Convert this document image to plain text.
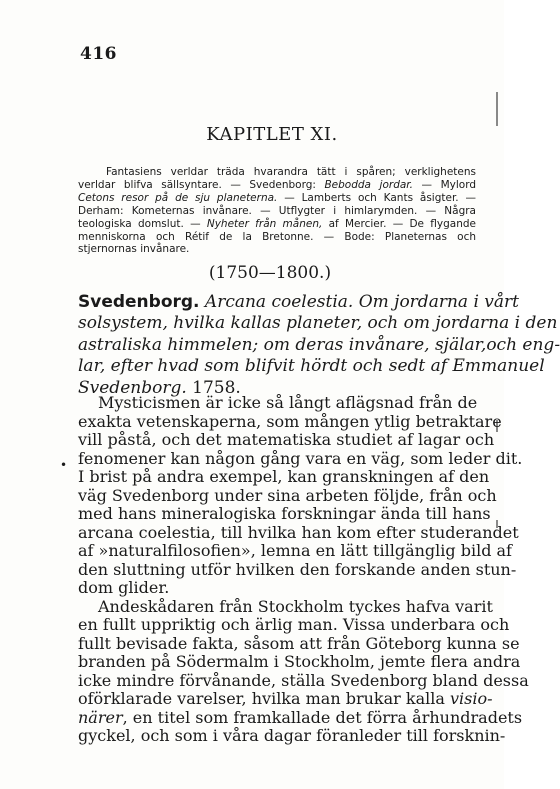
416
KAPITLET XI.
Fantasiens verldar träda hvarandra tätt i spåren; verklighetens
verldar blifva sällsyntare. — Svedenborg: Bebodda jordar. — Mylord
Cetons resor på de sju planeterna. — Lamberts och Kants åsigter. —
Derham: Kometernas invånare. — Utflygter i himlarymden. — Några
teologiska domslut. — Nyheter från månen, af Mercier. — De flygande
menniskorna och Rétif de la Bretonne. — Bode: Planeternas och
stjernornas invånare.
(1750—1800.)
Svedenborg. Arcana coelestia. Om jordarna i vårt
solsystem, hvilka kallas planeter, och om jordarna i den
astraliska himmelen; om deras invånare, själar,och eng-
lar, efter hvad som blifvit hördt och sedt af Emmanuel
Svedenborg. 1758.
•
Mysticismen är icke så långt aflägsnad från de
exakta vetenskaperna, som mången ytlig betraktare
vill påstå, och det matematiska studiet af lagar och
fenomener kan någon gång vara en väg, som leder dit.
I brist på andra exempel, kan granskningen af den
väg Svedenborg under sina arbeten följde, från och
med hans mineralogiska forskningar ända till hans
arcana coelestia, till hvilka han kom efter studerandet
af »naturalfilosofien», lemna en lätt tillgänglig bild af
den sluttning utför hvilken den forskande anden stun-
dom glider.
Andeskådaren från Stockholm tyckes hafva varit
en fullt uppriktig och ärlig man. Vissa underbara och
fullt bevisade fakta, såsom att från Göteborg kunna se
branden på Södermalm i Stockholm, jemte flera andra
icke mindre förvånande, ställa Svedenborg bland dessa
oförklarade varelser, hvilka man brukar kalla visio-
närer, en titel som framkallade det förra århundradets
gyckel, och som i våra dagar föranleder till forsknin-
